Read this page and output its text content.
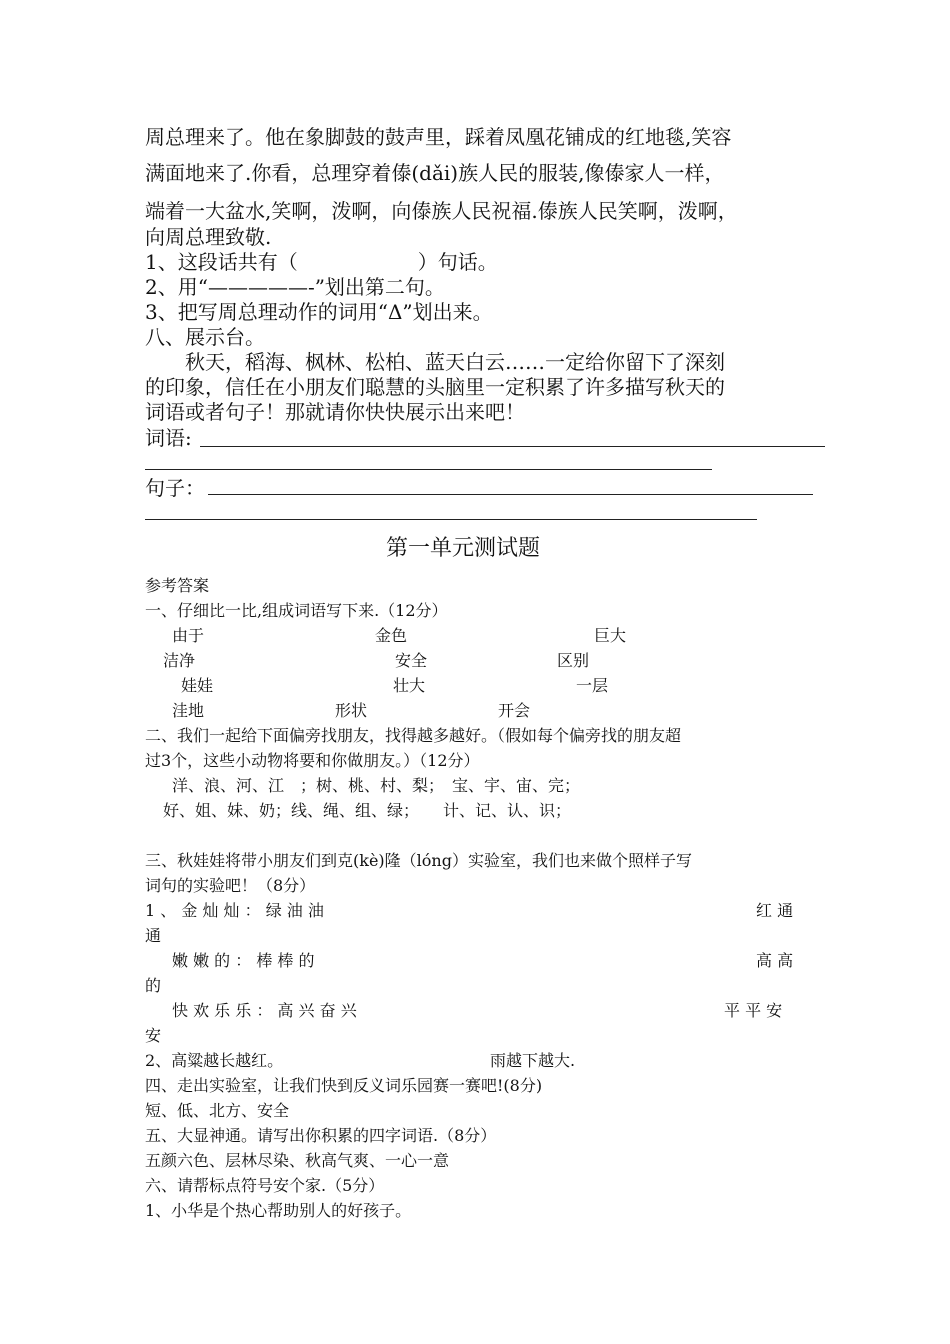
周总理来了。他在象脚鼓的鼓声里，踩着凤凰花铺成的红地毯,笑容
满面地来了.你看，总理穿着傣(dǎi)族人民的服装,像傣家人一样，
端着一大盆水,笑啊，泼啊，向傣族人民祝福.傣族人民笑啊，泼啊，
向周总理致敬.
1、这段话共有（　　　　　　）句话。
2、用“—————-”划出第二句。
3、把写周总理动作的词用“Δ”划出来。
八、展示台。
　　秋天，稻海、枫林、松柏、蓝天白云……一定给你留下了深刻
的印象，信任在小朋友们聪慧的头脑里一定积累了许多描写秋天的
词语或者句子！那就请你快快展示出来吧！
词语:
句子：
第一单元测试题
参考答案
一、仔细比一比,组成词语写下来.（12分）
由于	金色	巨大
洁净	安全	区别
娃娃	壮大	一层
洼地	形状	开会
二、我们一起给下面偏旁找朋友，找得越多越好。（假如每个偏旁找的朋友超
过3个，这些小动物将要和你做朋友。）（12分）
洋、浪、河、江　；树、桃、村、梨；　宝、宇、宙、完；
好、姐、妹、奶；线、绳、组、绿；　　计、记、认、识；
三、秋娃娃将带小朋友们到克(kè)隆（lóng）实验室，我们也来做个照样子写
词句的实验吧！（8分）
1 、 金 灿 灿 ： 绿 油 油	红 通
通
嫩 嫩 的 ： 棒 棒 的	高 高
的
快 欢 乐 乐 ： 高 兴 奋 兴	平 平 安
安
2、高粱越长越红。	雨越下越大.
四、走出实验室，让我们快到反义词乐园赛一赛吧!(8分)
短、低、北方、安全
五、大显神通。请写出你积累的四字词语.（8分）
五颜六色、层林尽染、秋高气爽、一心一意
六、请帮标点符号安个家.（5分）
1、小华是个热心帮助别人的好孩子。
